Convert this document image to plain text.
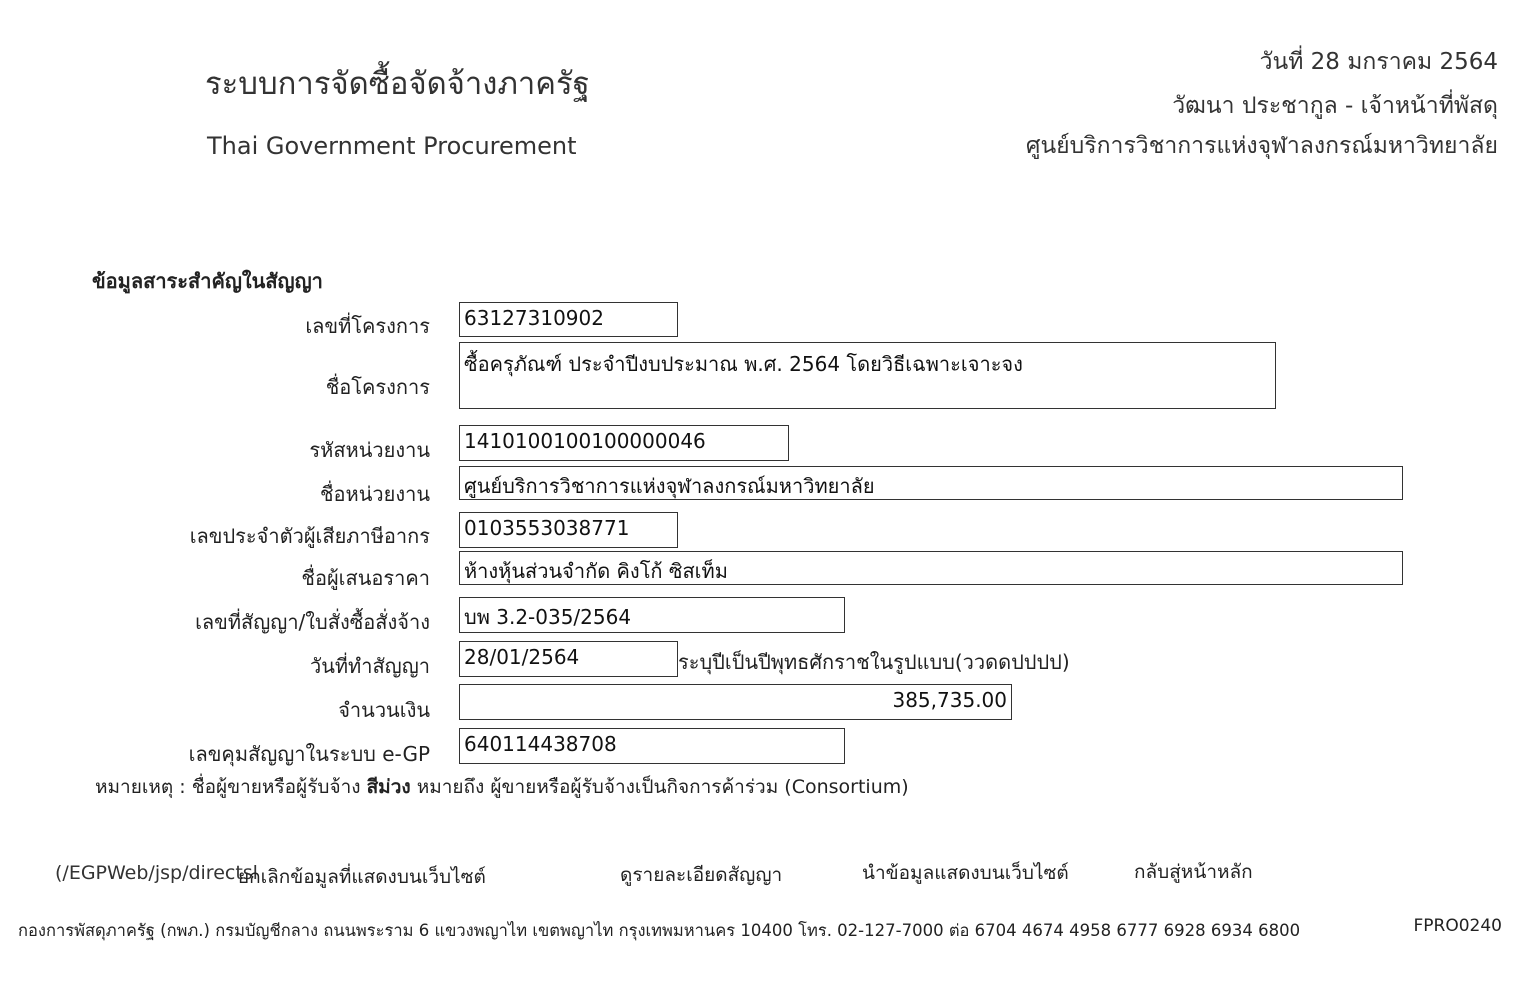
ระบบการจัดซื้อจัดจ้างภาครัฐ
Thai Government Procurement
วันที่ 28 มกราคม 2564
วัฒนา ประชากูล - เจ้าหน้าที่พัสดุ
ศูนย์บริการวิชาการแห่งจุฬาลงกรณ์มหาวิทยาลัย
ข้อมูลสาระสำคัญในสัญญา
เลขที่โครงการ 63127310902
ชื่อโครงการ
ซื้อครุภัณฑ์ ประจำปีงบประมาณ พ.ศ. 2564 โดยวิธีเฉพาะเจาะจง
รหัสหน่วยงาน 1410100100100000046
ชื่อหน่วยงาน ศูนย์บริการวิชาการแห่งจุฬาลงกรณ์มหาวิทยาลัย
เลขประจำตัวผู้เสียภาษีอากร 0103553038771
ชื่อผู้เสนอราคา ห้างหุ้นส่วนจำกัด คิงโก้ ซิสเท็ม
เลขที่สัญญา/ใบสั่งซื้อสั่งจ้าง บพ 3.2-035/2564
วันที่ทำสัญญา 28/01/2564	ระบุปีเป็นปีพุทธศักราชในรูปแบบ(ววดดปปปป)
จำนวนเงิน	385,735.00
เลขคุมสัญญาในระบบ e-GP 640114438708
หมายเหตุ : ชื่อผู้ขายหรือผู้รับจ้าง สีม่วง หมายถึง ผู้ขายหรือผู้รับจ้างเป็นกิจการค้าร่วม (Consortium)
(/EGPWeb/jsp/directsl
ยกเลิกข้อมูลที่แสดงบนเว็บไซต์	ดูรายละเอียดสัญญา	นำข้อมูลแสดงบนเว็บไซต์	กลับสู่หน้าหลัก
กองการพัสดุภาครัฐ (กพภ.) กรมบัญชีกลาง ถนนพระราม 6 แขวงพญาไท เขตพญาไท กรุงเทพมหานคร 10400 โทร. 02-127-7000 ต่อ 6704 4674 4958 6777 6928 6934 6800	FPRO0240
